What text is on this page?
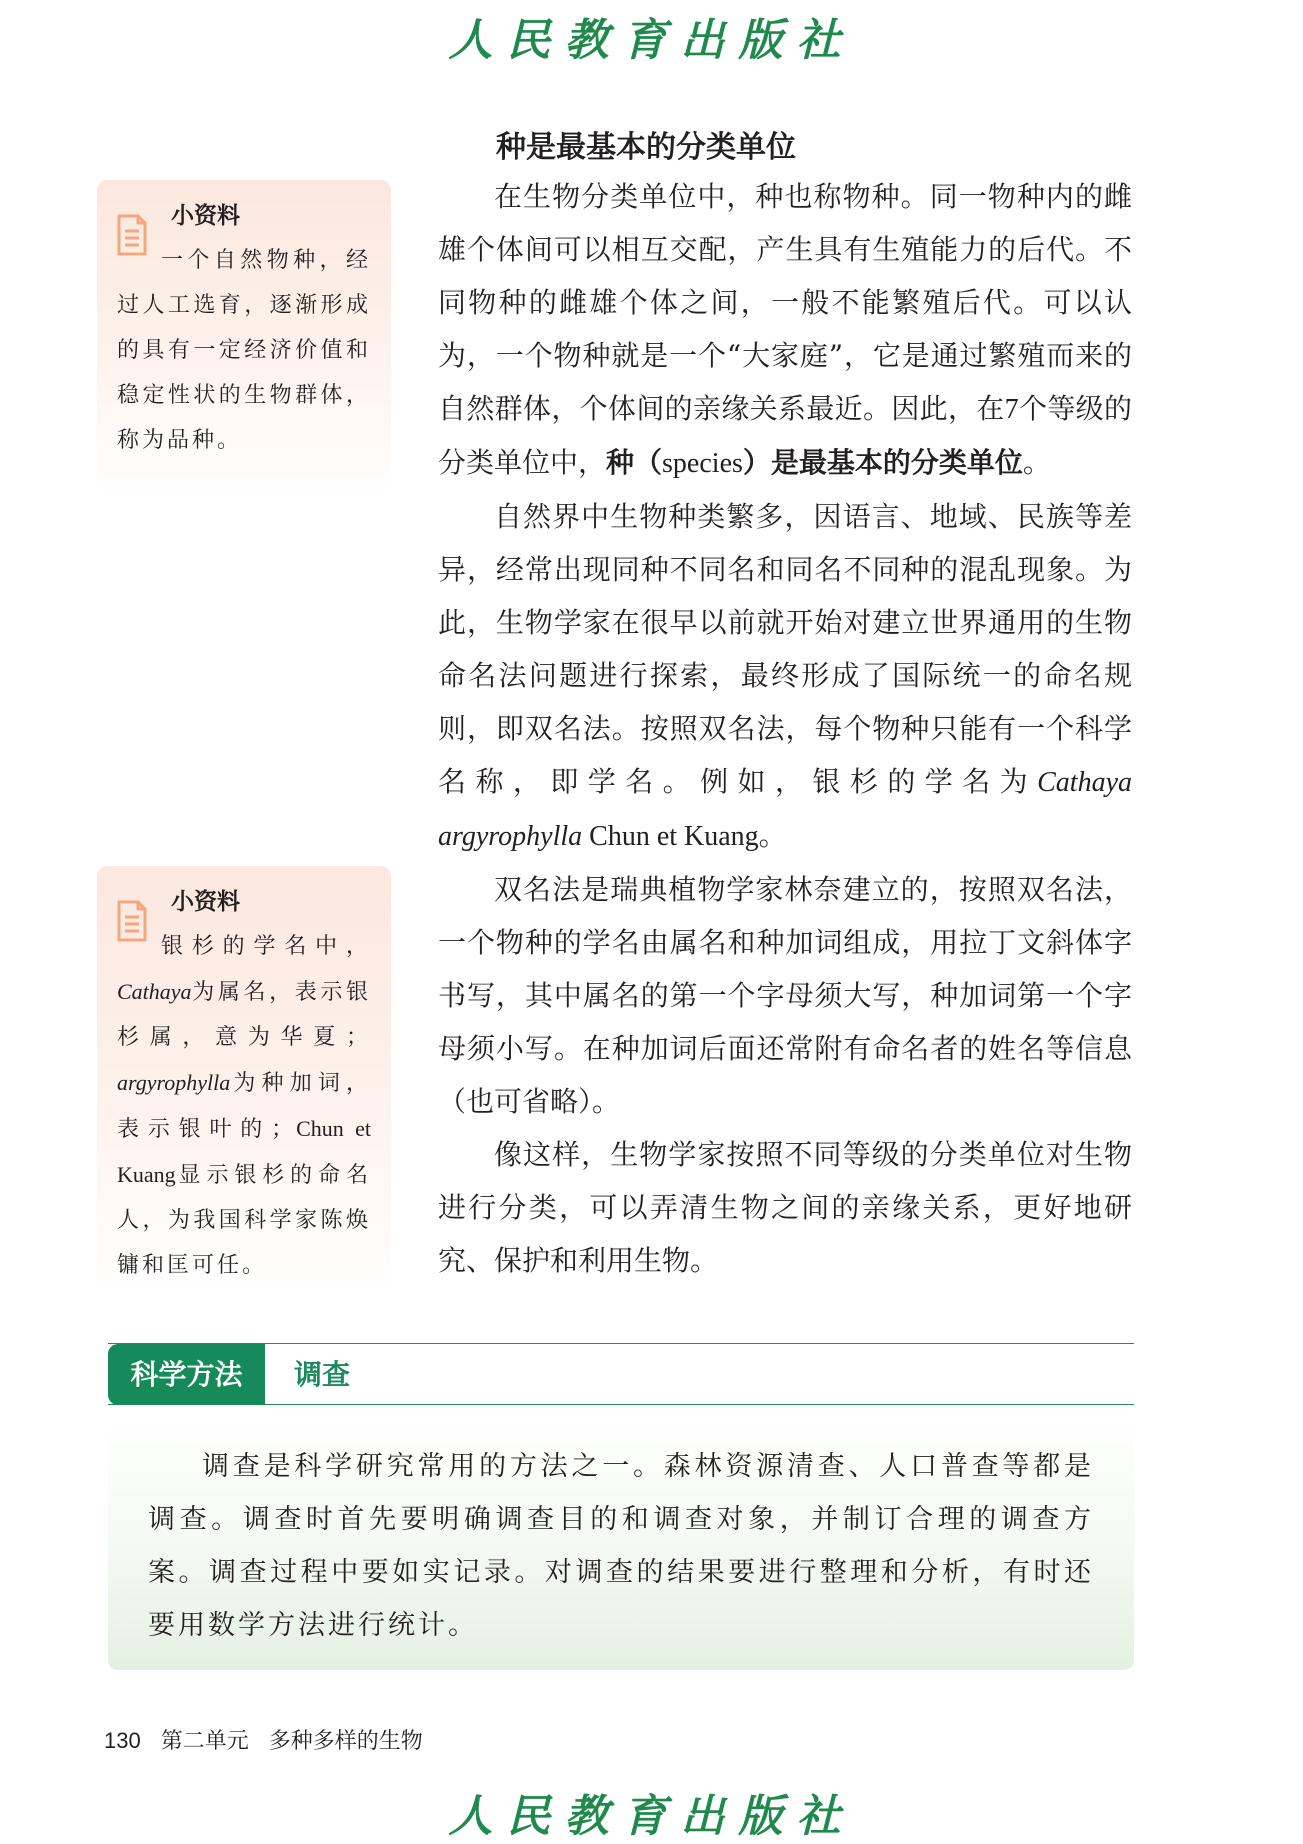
人民教育出版社
种是最基本的分类单位

在生物分类单位中，种也称物种。同一物种内的雌雄个体间可以相互交配，产生具有生殖能力的后代。不同物种的雌雄个体之间，一般不能繁殖后代。可以认为，一个物种就是一个“大家庭”，它是通过繁殖而来的自然群体，个体间的亲缘关系最近。因此，在7个等级的分类单位中，种（species）是最基本的分类单位。

自然界中生物种类繁多，因语言、地域、民族等差异，经常出现同种不同名和同名不同种的混乱现象。为此，生物学家在很早以前就开始对建立世界通用的生物命名法问题进行探索，最终形成了国际统一的命名规则，即双名法。按照双名法，每个物种只能有一个科学名称，即学名。例如，银杉的学名为Cathaya argyrophylla Chun et Kuang。

双名法是瑞典植物学家林奈建立的，按照双名法，一个物种的学名由属名和种加词组成，用拉丁文斜体字书写，其中属名的第一个字母须大写，种加词第一个字母须小写。在种加词后面还常附有命名者的姓名等信息（也可省略）。

像这样，生物学家按照不同等级的分类单位对生物进行分类，可以弄清生物之间的亲缘关系，更好地研究、保护和利用生物。

小资料
一个自然物种，经过人工选育，逐渐形成的具有一定经济价值和稳定性状的生物群体，称为品种。
小资料
银杉的学名中，Cathaya为属名，表示银杉属，意为华夏；argyrophylla为种加词，表示银叶的；Chun et Kuang显示银杉的命名人，为我国科学家陈焕镛和匡可任。
科学方法	调查

调查是科学研究常用的方法之一。森林资源清查、人口普查等都是调查。调查时首先要明确调查目的和调查对象，并制订合理的调查方案。调查过程中要如实记录。对调查的结果要进行整理和分析，有时还要用数学方法进行统计。

130 第二单元 多种多样的生物
人民教育出版社
